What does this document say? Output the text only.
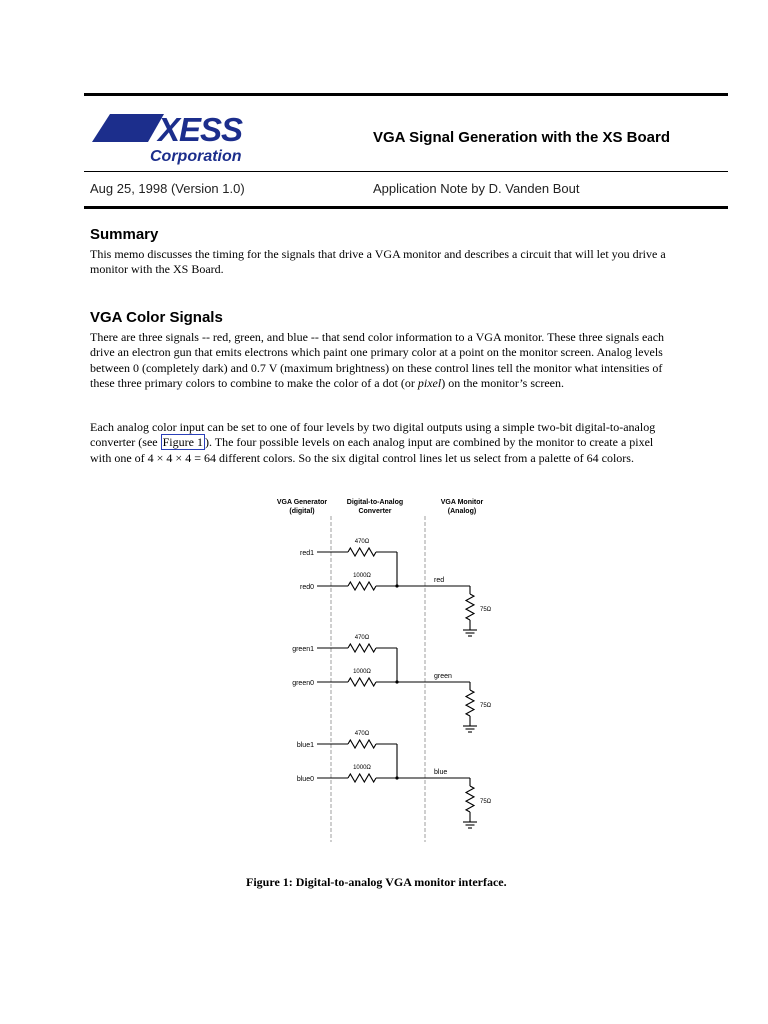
XESS
Corporation
VGA Signal Generation with the XS Board
Aug 25, 1998 (Version 1.0)	Application Note by D. Vanden Bout
Summary

This memo discusses the timing for the signals that drive a VGA monitor and describes a circuit that will let you drive a monitor with the XS Board.

VGA Color Signals

There are three signals -- red, green, and blue -- that send color information to a VGA monitor. These three signals each drive an electron gun that emits electrons which paint one primary color at a point on the monitor screen. Analog levels between 0 (completely dark) and 0.7 V (maximum brightness) on these control lines tell the monitor what intensities of these three primary colors to combine to make the color of a dot (or pixel) on the monitor’s screen.

Each analog color input can be set to one of four levels by two digital outputs using a simple two-bit digital-to-analog converter (see Figure 1 ). The four possible levels on each analog input are combined by the monitor to create a pixel with one of 4 × 4 × 4 = 64 different colors. So the six digital control lines let us select from a palette of 64 colors.

VGA Generator
(digital)
Digital-to-Analog
Converter
VGA Monitor
(Analog)
red1
red0
470Ω
1000Ω
red
75Ω
green1
green0
470Ω
1000Ω
green
75Ω
blue1
blue0
470Ω
1000Ω
blue
75Ω
Figure 1: Digital-to-analog VGA monitor interface.
